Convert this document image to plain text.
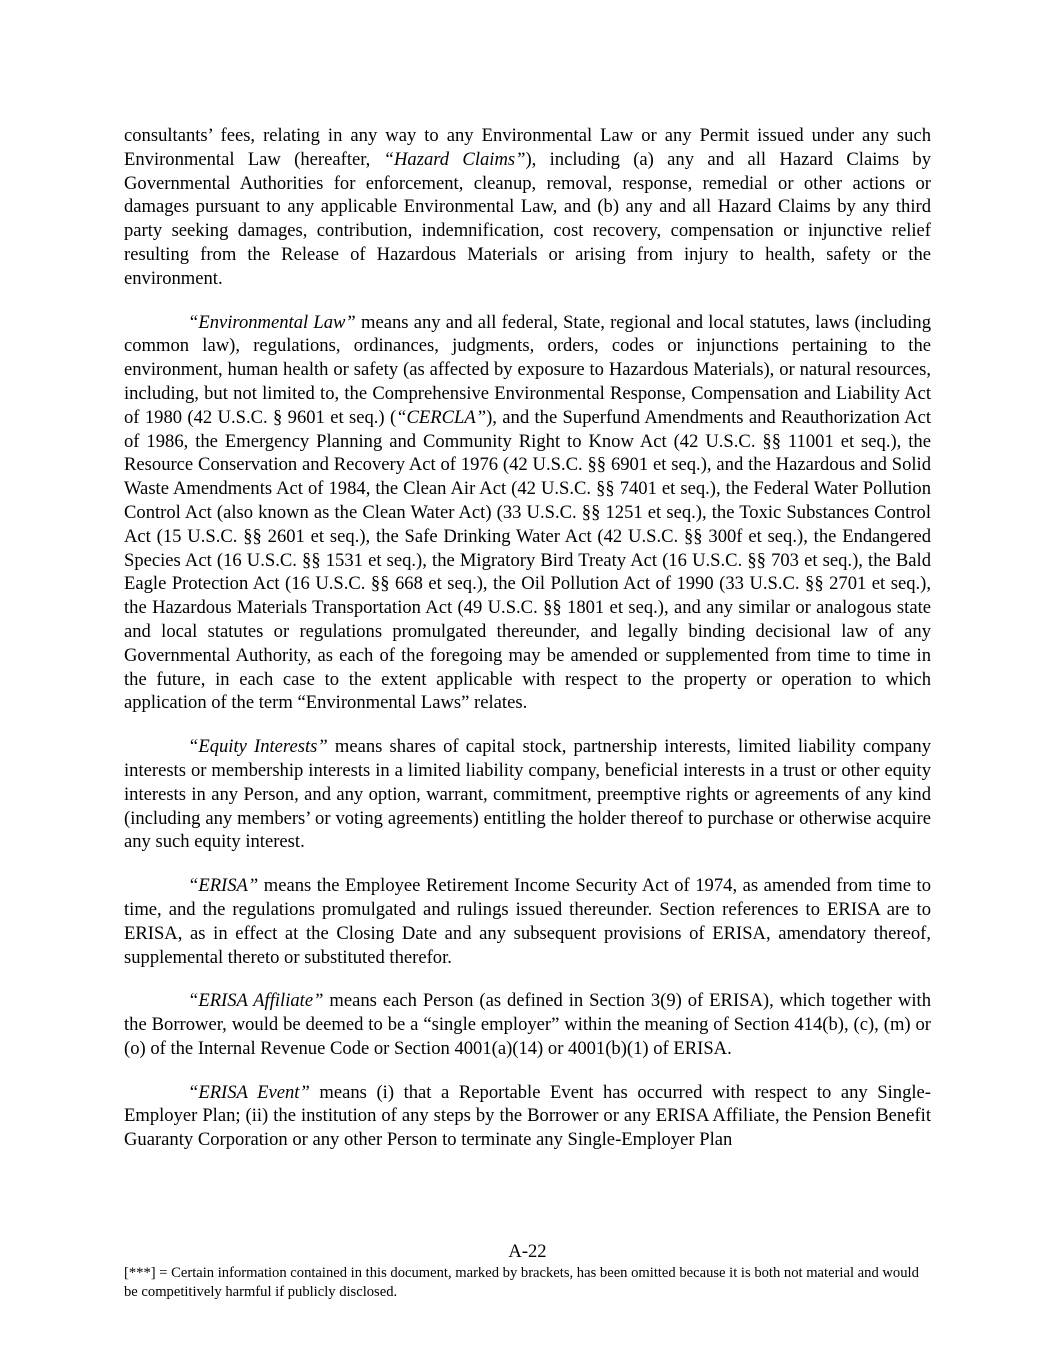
consultants’ fees, relating in any way to any Environmental Law or any Permit issued under any such Environmental Law (hereafter, “Hazard Claims”), including (a) any and all Hazard Claims by Governmental Authorities for enforcement, cleanup, removal, response, remedial or other actions or damages pursuant to any applicable Environmental Law, and (b) any and all Hazard Claims by any third party seeking damages, contribution, indemnification, cost recovery, compensation or injunctive relief resulting from the Release of Hazardous Materials or arising from injury to health, safety or the environment.

“Environmental Law” means any and all federal, State, regional and local statutes, laws (including common law), regulations, ordinances, judgments, orders, codes or injunctions pertaining to the environment, human health or safety (as affected by exposure to Hazardous Materials), or natural resources, including, but not limited to, the Comprehensive Environmental Response, Compensation and Liability Act of 1980 (42 U.S.C. § 9601 et seq.) (“CERCLA”), and the Superfund Amendments and Reauthorization Act of 1986, the Emergency Planning and Community Right to Know Act (42 U.S.C. §§ 11001 et seq.), the Resource Conservation and Recovery Act of 1976 (42 U.S.C. §§ 6901 et seq.), and the Hazardous and Solid Waste Amendments Act of 1984, the Clean Air Act (42 U.S.C. §§ 7401 et seq.), the Federal Water Pollution Control Act (also known as the Clean Water Act) (33 U.S.C. §§ 1251 et seq.), the Toxic Substances Control Act (15 U.S.C. §§ 2601 et seq.), the Safe Drinking Water Act (42 U.S.C. §§ 300f et seq.), the Endangered Species Act (16 U.S.C. §§ 1531 et seq.), the Migratory Bird Treaty Act (16 U.S.C. §§ 703 et seq.), the Bald Eagle Protection Act (16 U.S.C. §§ 668 et seq.), the Oil Pollution Act of 1990 (33 U.S.C. §§ 2701 et seq.), the Hazardous Materials Transportation Act (49 U.S.C. §§ 1801 et seq.), and any similar or analogous state and local statutes or regulations promulgated thereunder, and legally binding decisional law of any Governmental Authority, as each of the foregoing may be amended or supplemented from time to time in the future, in each case to the extent applicable with respect to the property or operation to which application of the term “Environmental Laws” relates.

“Equity Interests” means shares of capital stock, partnership interests, limited liability company interests or membership interests in a limited liability company, beneficial interests in a trust or other equity interests in any Person, and any option, warrant, commitment, preemptive rights or agreements of any kind (including any members’ or voting agreements) entitling the holder thereof to purchase or otherwise acquire any such equity interest.

“ERISA” means the Employee Retirement Income Security Act of 1974, as amended from time to time, and the regulations promulgated and rulings issued thereunder. Section references to ERISA are to ERISA, as in effect at the Closing Date and any subsequent provisions of ERISA, amendatory thereof, supplemental thereto or substituted therefor.

“ERISA Affiliate” means each Person (as defined in Section 3(9) of ERISA), which together with the Borrower, would be deemed to be a “single employer” within the meaning of Section 414(b), (c), (m) or (o) of the Internal Revenue Code or Section 4001(a)(14) or 4001(b)(1) of ERISA.

“ERISA Event” means (i) that a Reportable Event has occurred with respect to any Single-Employer Plan; (ii) the institution of any steps by the Borrower or any ERISA Affiliate, the Pension Benefit Guaranty Corporation or any other Person to terminate any Single-Employer Plan

A-22
[***] = Certain information contained in this document, marked by brackets, has been omitted because it is both not material and would be competitively harmful if publicly disclosed.
